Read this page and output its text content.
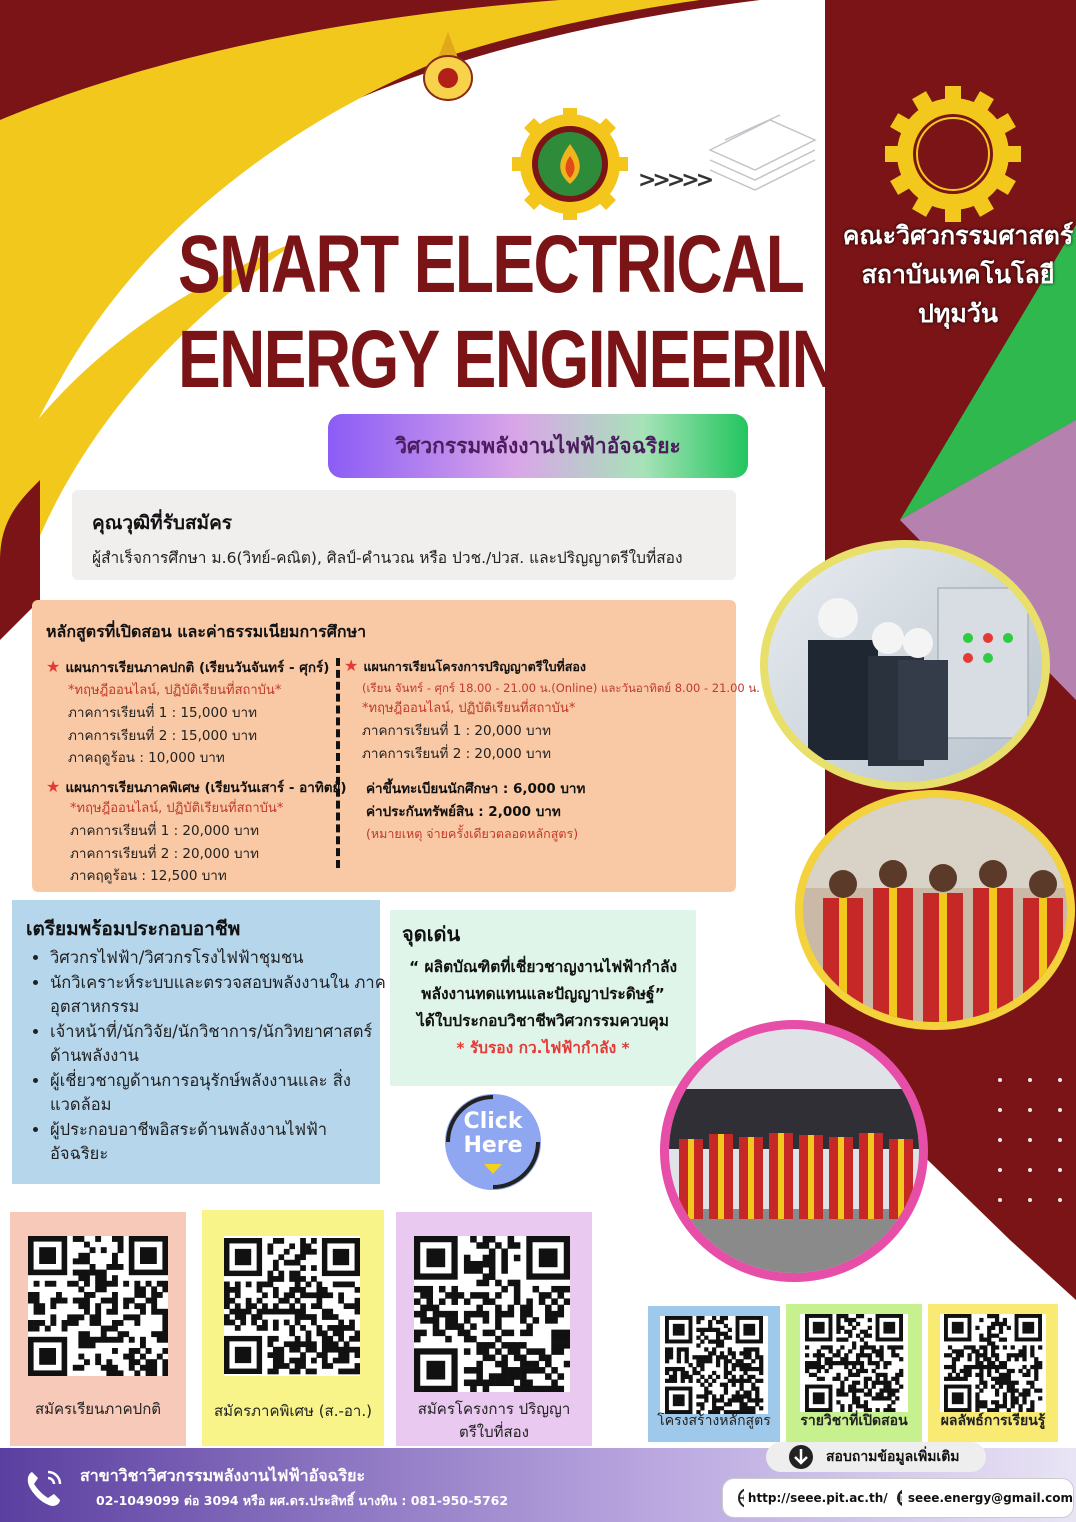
>>>>>
SMART ELECTRICAL
ENERGY ENGINEERING
คณะวิศวกรรมศาสตร์
สถาบันเทคโนโลยี
ปทุมวัน
วิศวกรรมพลังงานไฟฟ้าอัจฉริยะ
คุณวุฒิที่รับสมัคร
ผู้สำเร็จการศึกษา ม.6(วิทย์-คณิต), ศิลป์-คำนวณ หรือ ปวช./ปวส. และปริญญาตรีใบที่สอง
หลักสูตรที่เปิดสอน และค่าธรรมเนียมการศึกษา
★ แผนการเรียนภาคปกติ (เรียนวันจันทร์ - ศุกร์)
*ทฤษฎีออนไลน์, ปฏิบัติเรียนที่สถาบัน*
ภาคการเรียนที่ 1 : 15,000 บาท
ภาคการเรียนที่ 2 : 15,000 บาท
ภาคฤดูร้อน : 10,000 บาท
★ แผนการเรียนภาคพิเศษ (เรียนวันเสาร์ - อาทิตย์)
*ทฤษฎีออนไลน์, ปฏิบัติเรียนที่สถาบัน*
ภาคการเรียนที่ 1 : 20,000 บาท
ภาคการเรียนที่ 2 : 20,000 บาท
ภาคฤดูร้อน : 12,500 บาท
★ แผนการเรียนโครงการปริญญาตรีใบที่สอง
(เรียน จันทร์ - ศุกร์ 18.00 - 21.00 น.(Online) และวันอาทิตย์ 8.00 - 21.00 น.
*ทฤษฎีออนไลน์, ปฏิบัติเรียนที่สถาบัน*
ภาคการเรียนที่ 1 : 20,000 บาท
ภาคการเรียนที่ 2 : 20,000 บาท
ค่าขึ้นทะเบียนนักศึกษา : 6,000 บาท
ค่าประกันทรัพย์สิน : 2,000 บาท
(หมายเหตุ จ่ายครั้งเดียวตลอดหลักสูตร)
เตรียมพร้อมประกอบอาชีพ
• วิศวกรไฟฟ้า/วิศวกรโรงไฟฟ้าชุมชน
• นักวิเคราะห์ระบบและตรวจสอบพลังงานใน ภาคอุตสาหกรรม
• เจ้าหน้าที่/นักวิจัย/นักวิชาการ/นักวิทยาศาสตร์ ด้านพลังงาน
• ผู้เชี่ยวชาญด้านการอนุรักษ์พลังงานและ สิ่งแวดล้อม
• ผู้ประกอบอาชีพอิสระด้านพลังงานไฟฟ้า อัจฉริยะ
จุดเด่น
“ ผลิตบัณฑิตที่เชี่ยวชาญงานไฟฟ้ากำลัง
พลังงานทดแทนและปัญญาประดิษฐ์”
ได้ใบประกอบวิชาชีพวิศวกรรมควบคุม
* รับรอง กว.ไฟฟ้ากำลัง *
Click
Here
>>>>>
สมัครเรียนภาคปกติ	สมัครภาคพิเศษ (ส.-อา.)	สมัครโครงการ ปริญญาตรีใบที่สอง
โครงสร้างหลักสูตร	รายวิชาที่เปิดสอน	ผลลัพธ์การเรียนรู้
สอบถามข้อมูลเพิ่มเติม
สาขาวิชาวิศวกรรมพลังงานไฟฟ้าอัจฉริยะ
02-1049099 ต่อ 3094 หรือ ผศ.ดร.ประสิทธิ์ นางทิน : 081-950-5762	http://seee.pit.ac.th/ seee.energy@gmail.com
